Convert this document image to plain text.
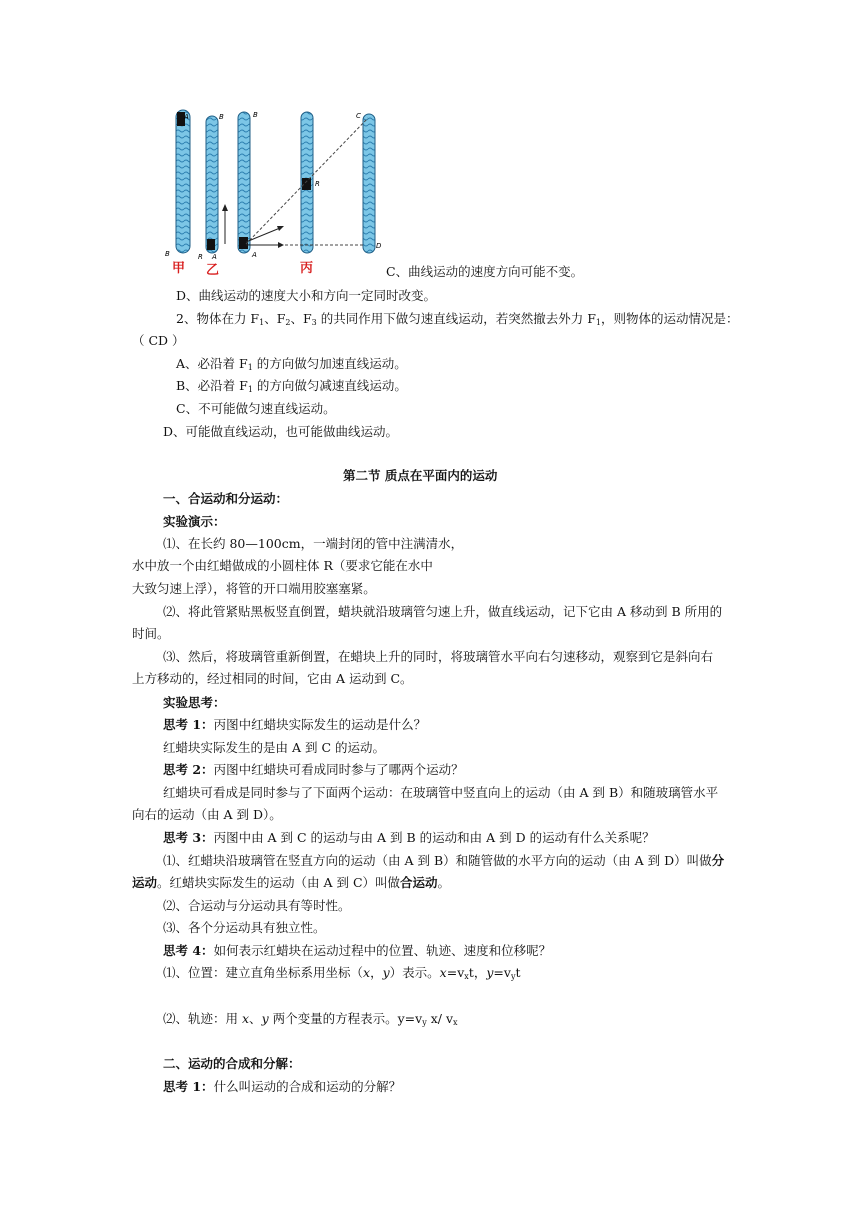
A
B
B
R A
B
A
R
C
D
甲 乙	丙	C、曲线运动的速度方向可能不变。
D、曲线运动的速度大小和方向一定同时改变。
2、物体在力 $F_1$、$F_2$、$F_3$ 的共同作用下做匀速直线运动，若突然撤去外力 $F_1$，则物体的运动情况是：
（ CD ）
A、必沿着 $F_1$ 的方向做匀加速直线运动。
B、必沿着 $F_1$ 的方向做匀减速直线运动。
C、不可能做匀速直线运动。
D、可能做直线运动，也可能做曲线运动。
第二节 质点在平面内的运动
一、合运动和分运动：
实验演示：
⑴、在长约 80—100cm，一端封闭的管中注满清水，
水中放一个由红蜡做成的小圆柱体 R（要求它能在水中
大致匀速上浮），将管的开口端用胶塞塞紧。
⑵、将此管紧贴黑板竖直倒置，蜡块就沿玻璃管匀速上升，做直线运动，记下它由 A 移动到 B 所用的
时间。
⑶、然后，将玻璃管重新倒置，在蜡块上升的同时，将玻璃管水平向右匀速移动，观察到它是斜向右
上方移动的，经过相同的时间，它由 A 运动到 C。
实验思考：
思考 1：丙图中红蜡块实际发生的运动是什么？
红蜡块实际发生的是由 A 到 C 的运动。
思考 2：丙图中红蜡块可看成同时参与了哪两个运动？
红蜡块可看成是同时参与了下面两个运动：在玻璃管中竖直向上的运动（由 A 到 B）和随玻璃管水平
向右的运动（由 A 到 D）。
思考 3：丙图中由 A 到 C 的运动与由 A 到 B 的运动和由 A 到 D 的运动有什么关系呢？
⑴、红蜡块沿玻璃管在竖直方向的运动（由 A 到 B）和随管做的水平方向的运动（由 A 到 D）叫做分
运动。红蜡块实际发生的运动（由 A 到 C）叫做合运动。
⑵、合运动与分运动具有等时性。
⑶、各个分运动具有独立性。
思考 4：如何表示红蜡块在运动过程中的位置、轨迹、速度和位移呢？
⑴、位置：建立直角坐标系用坐标（x，y）表示。$x=v_xt$，$y=v_yt$
⑵、轨迹：用 x、y 两个变量的方程表示。$y=v_y$ x/ $v_x$
二、运动的合成和分解：
思考 1：什么叫运动的合成和运动的分解？
